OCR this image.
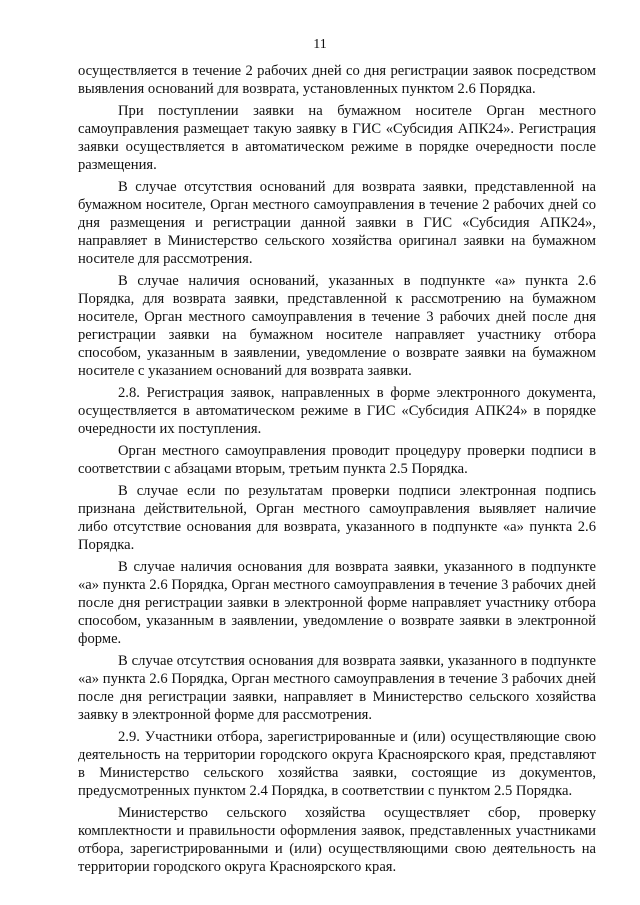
11

осуществляется в течение 2 рабочих дней со дня регистрации заявок посредством выявления оснований для возврата, установленных пунктом 2.6 Порядка.

При поступлении заявки на бумажном носителе Орган местного самоуправления размещает такую заявку в ГИС «Субсидия АПК24». Регистрация заявки осуществляется в автоматическом режиме в порядке очередности после размещения.

В случае отсутствия оснований для возврата заявки, представленной на бумажном носителе, Орган местного самоуправления в течение 2 рабочих дней со дня размещения и регистрации данной заявки в ГИС «Субсидия АПК24», направляет в Министерство сельского хозяйства оригинал заявки на бумажном носителе для рассмотрения.

В случае наличия оснований, указанных в подпункте «а» пункта 2.6 Порядка, для возврата заявки, представленной к рассмотрению на бумажном носителе, Орган местного самоуправления в течение 3 рабочих дней после дня регистрации заявки на бумажном носителе направляет участнику отбора способом, указанным в заявлении, уведомление о возврате заявки на бумажном носителе с указанием оснований для возврата заявки.

2.8. Регистрация заявок, направленных в форме электронного документа, осуществляется в автоматическом режиме в ГИС «Субсидия АПК24» в порядке очередности их поступления.

Орган местного самоуправления проводит процедуру проверки подписи в соответствии с абзацами вторым, третьим пункта 2.5 Порядка.

В случае если по результатам проверки подписи электронная подпись признана действительной, Орган местного самоуправления выявляет наличие либо отсутствие основания для возврата, указанного в подпункте «а» пункта 2.6 Порядка.

В случае наличия основания для возврата заявки, указанного в подпункте «а» пункта 2.6 Порядка, Орган местного самоуправления в течение 3 рабочих дней после дня регистрации заявки в электронной форме направляет участнику отбора способом, указанным в заявлении, уведомление о возврате заявки в электронной форме.

В случае отсутствия основания для возврата заявки, указанного в подпункте «а» пункта 2.6 Порядка, Орган местного самоуправления в течение 3 рабочих дней после дня регистрации заявки, направляет в Министерство сельского хозяйства заявку в электронной форме для рассмотрения.

2.9. Участники отбора, зарегистрированные и (или) осуществляющие свою деятельность на территории городского округа Красноярского края, представляют в Министерство сельского хозяйства заявки, состоящие из документов, предусмотренных пунктом 2.4 Порядка, в соответствии с пунктом 2.5 Порядка.

Министерство сельского хозяйства осуществляет сбор, проверку комплектности и правильности оформления заявок, представленных участниками отбора, зарегистрированными и (или) осуществляющими свою деятельность на территории городского округа Красноярского края.
